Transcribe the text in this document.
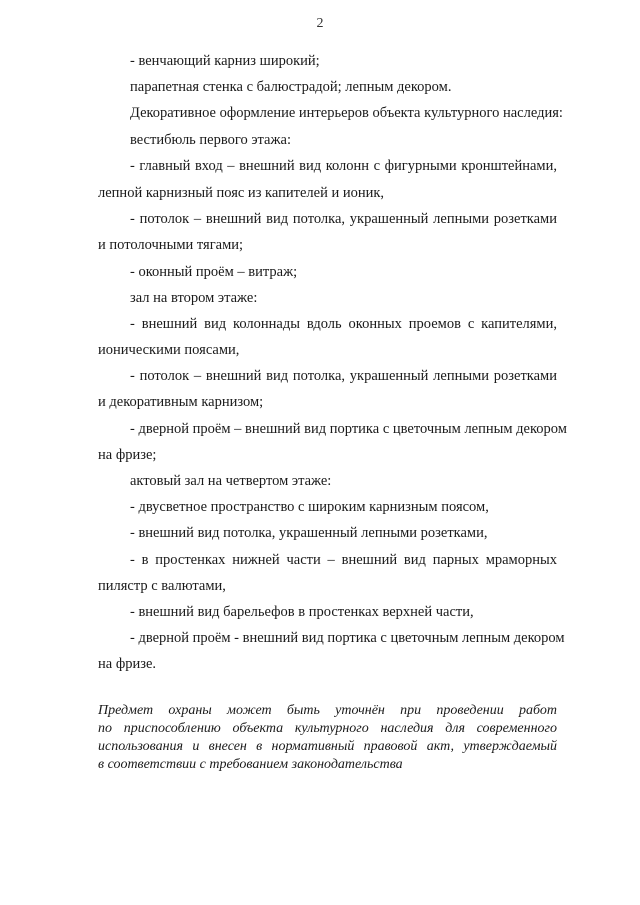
2
- венчающий карниз широкий;
парапетная стенка с балюстрадой; лепным декором.
Декоративное оформление интерьеров объекта культурного наследия:
вестибюль первого этажа:
- главный вход – внешний вид колонн с фигурными кронштейнами,
лепной карнизный пояс из капителей и ионик,
- потолок – внешний вид потолка, украшенный лепными розетками
и потолочными тягами;
- оконный проём – витраж;
зал на втором этаже:
- внешний вид колоннады вдоль оконных проемов с капителями,
ионическими поясами,
- потолок – внешний вид потолка, украшенный лепными розетками
и декоративным карнизом;
- дверной проём – внешний вид портика с цветочным лепным декором
на фризе;
актовый зал на четвертом этаже:
- двусветное пространство с широким карнизным поясом,
- внешний вид потолка, украшенный лепными розетками,
- в простенках нижней части – внешний вид парных мраморных
пилястр с валютами,
- внешний вид барельефов в простенках верхней части,
- дверной проём - внешний вид портика с цветочным лепным декором
на фризе.
Предмет охраны может быть уточнён при проведении работ
по приспособлению объекта культурного наследия для современного
использования и внесен в нормативный правовой акт, утверждаемый
в соответствии с требованием законодательства
